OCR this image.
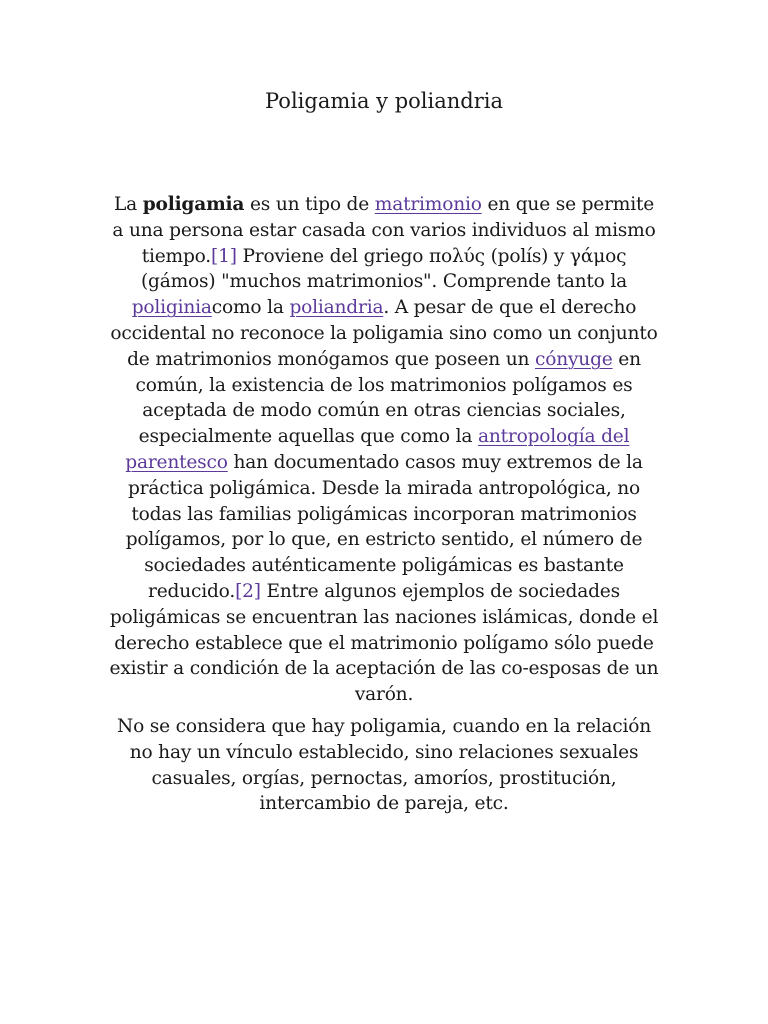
Poligamia y poliandria

La poligamia es un tipo de matrimonio en que se permite a una persona estar casada con varios individuos al mismo tiempo.[1] Proviene del griego πολύς (polís) y γάμος (gámos) "muchos matrimonios". Comprende tanto la poliginiacomo la poliandria. A pesar de que el derecho occidental no reconoce la poligamia sino como un conjunto de matrimonios monógamos que poseen un cónyuge en común, la existencia de los matrimonios polígamos es aceptada de modo común en otras ciencias sociales, especialmente aquellas que como la antropología del parentesco han documentado casos muy extremos de la práctica poligámica. Desde la mirada antropológica, no todas las familias poligámicas incorporan matrimonios polígamos, por lo que, en estricto sentido, el número de sociedades auténticamente poligámicas es bastante reducido.[2] Entre algunos ejemplos de sociedades poligámicas se encuentran las naciones islámicas, donde el derecho establece que el matrimonio polígamo sólo puede existir a condición de la aceptación de las co-esposas de un varón.

No se considera que hay poligamia, cuando en la relación no hay un vínculo establecido, sino relaciones sexuales casuales, orgías, pernoctas, amoríos, prostitución, intercambio de pareja, etc.
